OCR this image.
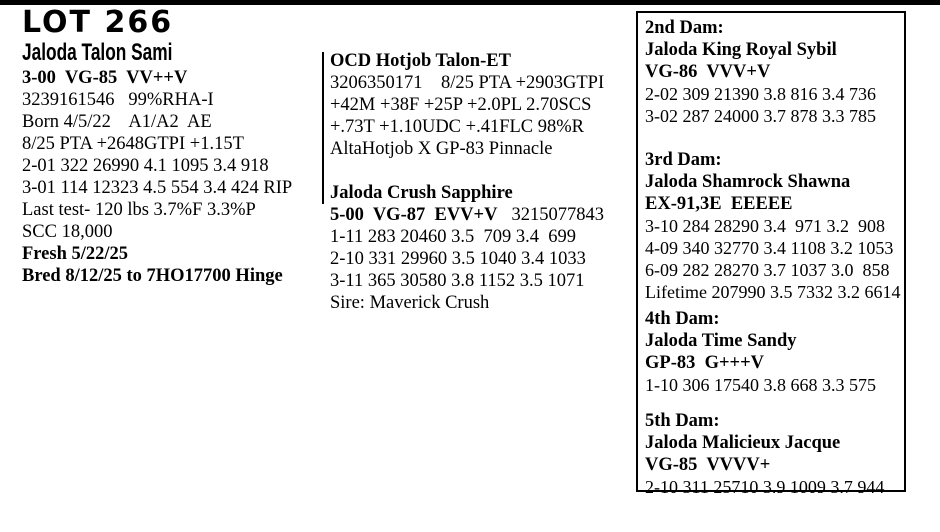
LOT 266
Jaloda Talon Sami
3-00  VG-85  VV++V
3239161546   99%RHA-I
Born 4/5/22    A1/A2  AE
8/25 PTA +2648GTPI +1.15T
2-01 322 26990 4.1 1095 3.4 918
3-01 114 12323 4.5 554 3.4 424 RIP
Last test- 120 lbs 3.7%F 3.3%P
SCC 18,000
Fresh 5/22/25
Bred 8/12/25 to 7HO17700 Hinge
OCD Hotjob Talon-ET
3206350171    8/25 PTA +2903GTPI
+42M +38F +25P +2.0PL 2.70SCS
+.73T +1.10UDC +.41FLC 98%R
AltaHotjob X GP-83 Pinnacle
Jaloda Crush Sapphire
5-00  VG-87  EVV+V 3215077843
1-11 283 20460 3.5  709 3.4  699
2-10 331 29960 3.5 1040 3.4 1033
3-11 365 30580 3.8 1152 3.5 1071
Sire: Maverick Crush
2nd Dam:
Jaloda King Royal Sybil
VG-86  VVV+V
2-02 309 21390 3.8 816 3.4 736
3-02 287 24000 3.7 878 3.3 785
3rd Dam:
Jaloda Shamrock Shawna
EX-91,3E  EEEEE
3-10 284 28290 3.4  971 3.2  908
4-09 340 32770 3.4 1108 3.2 1053
6-09 282 28270 3.7 1037 3.0  858
Lifetime 207990 3.5 7332 3.2 6614
4th Dam:
Jaloda Time Sandy
GP-83  G+++V
1-10 306 17540 3.8 668 3.3 575
5th Dam:
Jaloda Malicieux Jacque
VG-85  VVVV+
2-10 311 25710 3.9 1009 3.7 944
